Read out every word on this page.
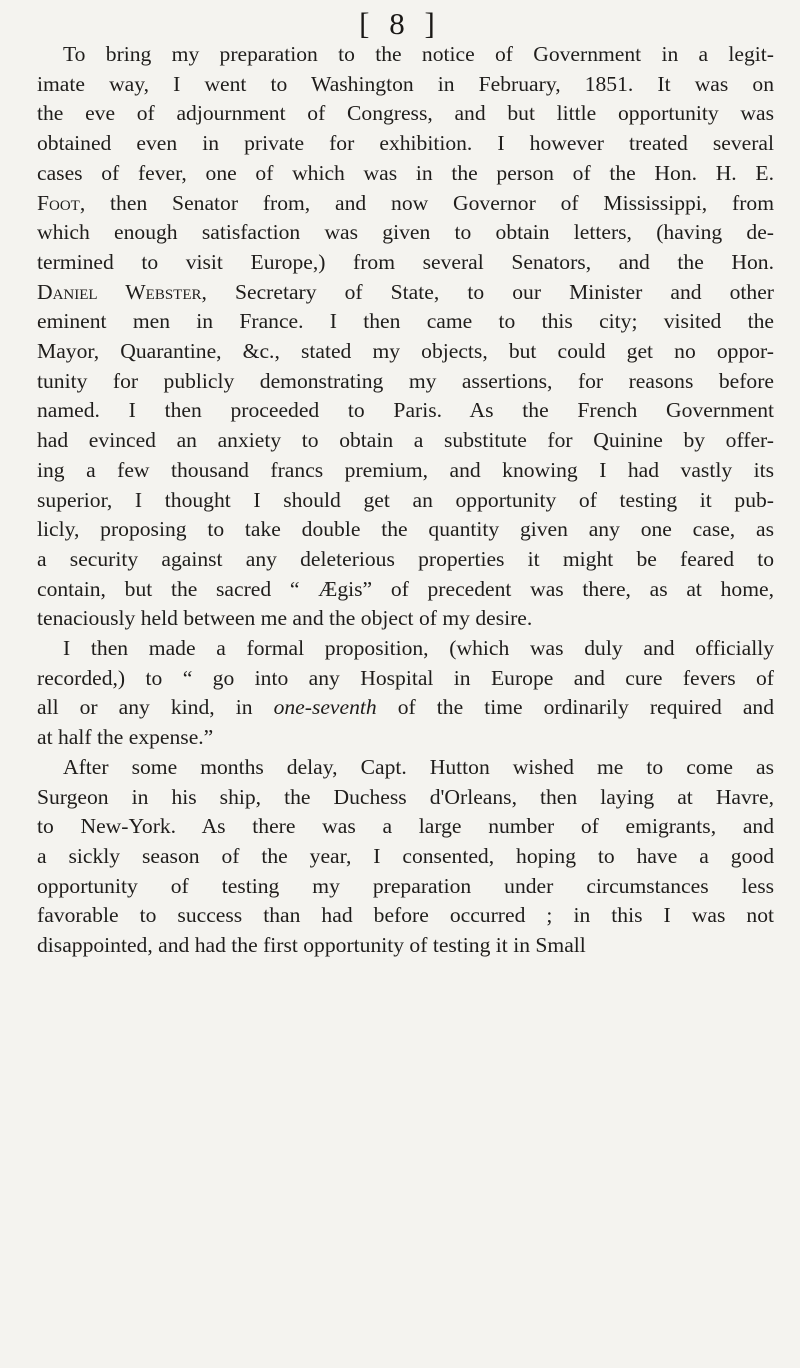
[ 8 ]

To bring my preparation to the notice of Government in a legit-
imate way, I went to Washington in February, 1851. It was on
the eve of adjournment of Congress, and but little opportunity was
obtained even in private for exhibition. I however treated several
cases of fever, one of which was in the person of the Hon. H. E.
Foot, then Senator from, and now Governor of Mississippi, from
which enough satisfaction was given to obtain letters, (having de-
termined to visit Europe,) from several Senators, and the Hon.
Daniel Webster, Secretary of State, to our Minister and other
eminent men in France. I then came to this city; visited the
Mayor, Quarantine, &c., stated my objects, but could get no oppor-
tunity for publicly demonstrating my assertions, for reasons before
named. I then proceeded to Paris. As the French Government
had evinced an anxiety to obtain a substitute for Quinine by offer-
ing a few thousand francs premium, and knowing I had vastly its
superior, I thought I should get an opportunity of testing it pub-
licly, proposing to take double the quantity given any one case, as
a security against any deleterious properties it might be feared to
contain, but the sacred “ Ægis” of precedent was there, as at home,
tenaciously held between me and the object of my desire.

I then made a formal proposition, (which was duly and officially
recorded,) to “ go into any Hospital in Europe and cure fevers of
all or any kind, in one-seventh of the time ordinarily required and
at half the expense.”

After some months delay, Capt. Hutton wished me to come as
Surgeon in his ship, the Duchess d'Orleans, then laying at Havre,
to New-York. As there was a large number of emigrants, and
a sickly season of the year, I consented, hoping to have a good
opportunity of testing my preparation under circumstances less
favorable to success than had before occurred ; in this I was not
disappointed, and had the first opportunity of testing it in Small
